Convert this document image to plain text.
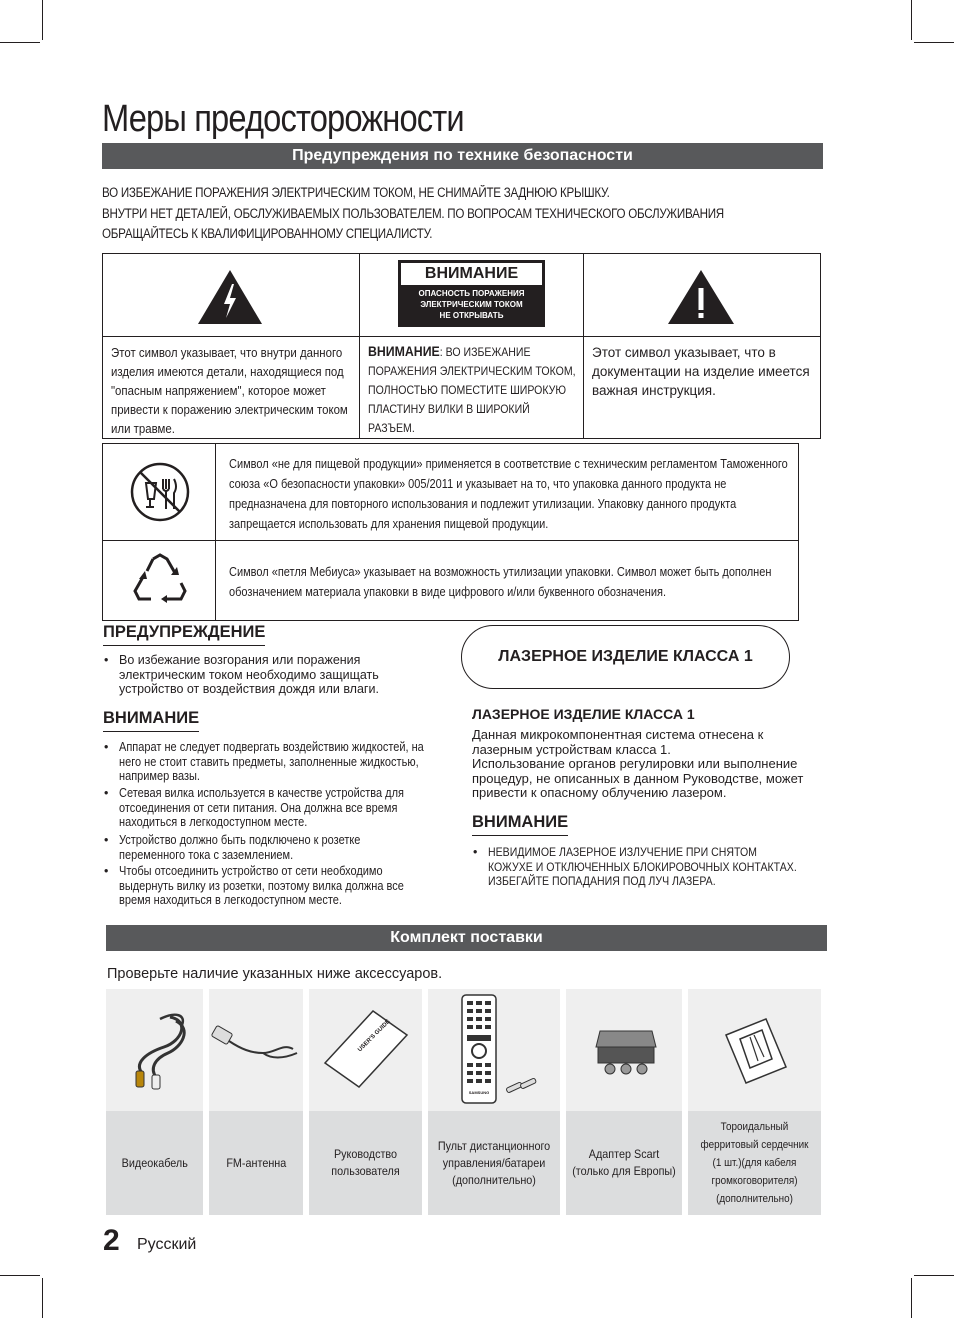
Меры предосторожности
Предупреждения по технике безопасности
ВО ИЗБЕЖАНИЕ ПОРАЖЕНИЯ ЭЛЕКТРИЧЕСКИМ ТОКОМ, НЕ СНИМАЙТЕ ЗАДНЮЮ КРЫШКУ.
ВНУТРИ НЕТ ДЕТАЛЕЙ, ОБСЛУЖИВАЕМЫХ ПОЛЬЗОВАТЕЛЕМ. ПО ВОПРОСАМ ТЕХНИЧЕСКОГО ОБСЛУЖИВАНИЯ
ОБРАЩАЙТЕСЬ К КВАЛИФИЦИРОВАННОМУ СПЕЦИАЛИСТУ.
Этот символ указывает, что внутри данного изделия имеются детали, находящиеся под "опасным напряжением", которое может привести к поражению электрическим током или травме.
ВНИМАНИЕ: ВО ИЗБЕЖАНИЕ ПОРАЖЕНИЯ ЭЛЕКТРИЧЕСКИМ ТОКОМ, ПОЛНОСТЬЮ ПОМЕСТИТЕ ШИРОКУЮ ПЛАСТИНУ ВИЛКИ В ШИРОКИЙ РАЗЪЕМ.
Этот символ указывает, что в документации на изделие имеется важная инструкция.
ВНИМАНИЕ
ОПАСНОСТЬ ПОРАЖЕНИЯ
ЭЛЕКТРИЧЕСКИМ ТОКОМ
НЕ ОТКРЫВАТЬ
Символ «не для пищевой продукции» применяется в соответствие с техническим регламентом Таможенного союза «О безопасности упаковки» 005/2011 и указывает на то, что упаковка данного продукта не предназначена для повторного использования и подлежит утилизации. Упаковку данного продукта запрещается использовать для хранения пищевой продукции.
Символ «петля Мебиуса» указывает на возможность утилизации упаковки. Символ может быть дополнен обозначением материала упаковки в виде цифрового и/или буквенного обозначения.
ПРЕДУПРЕЖДЕНИЕ
• Во избежание возгорания или поражения электрическим током необходимо защищать устройство от воздействия дождя или влаги.
ВНИМАНИЕ
• Аппарат не следует подвергать воздействию жидкостей, на него не стоит ставить предметы, заполненные жидкостью, например вазы.
• Сетевая вилка используется в качестве устройства для отсоединения от сети питания. Она должна все время находиться в легкодоступном месте.
• Устройство должно быть подключено к розетке переменного тока с заземлением.
• Чтобы отсоединить устройство от сети необходимо выдернуть вилку из розетки, поэтому вилка должна все время находиться в легкодоступном месте.
ЛАЗЕРНОЕ ИЗДЕЛИЕ КЛАССА 1
ЛАЗЕРНОЕ ИЗДЕЛИЕ КЛАССА 1
Данная микрокомпонентная система отнесена к лазерным устройствам класса 1.
Использование органов регулировки или выполнение процедур, не описанных в данном Руководстве, может привести к опасному облучению лазером.
ВНИМАНИЕ
• НЕВИДИМОЕ ЛАЗЕРНОЕ ИЗЛУЧЕНИЕ ПРИ СНЯТОМ КОЖУХЕ И ОТКЛЮЧЕННЫХ БЛОКИРОВОЧНЫХ КОНТАКТАХ. ИЗБЕГАЙТЕ ПОПАДАНИЯ ПОД ЛУЧ ЛАЗЕРА.
Комплект поставки
Проверьте наличие указанных ниже аксессуаров.
Видеокабель	FM-антенна
USER'S GUIDE
Руководство пользователя
SAMSUNG
Пульт дистанционного управления/батареи (дополнительно)
Адаптер Scart (только для Европы)
Тороидальный ферритовый сердечник (1 шт.)(для кабеля громкоговорителя) (дополнительно)
2 Русский
